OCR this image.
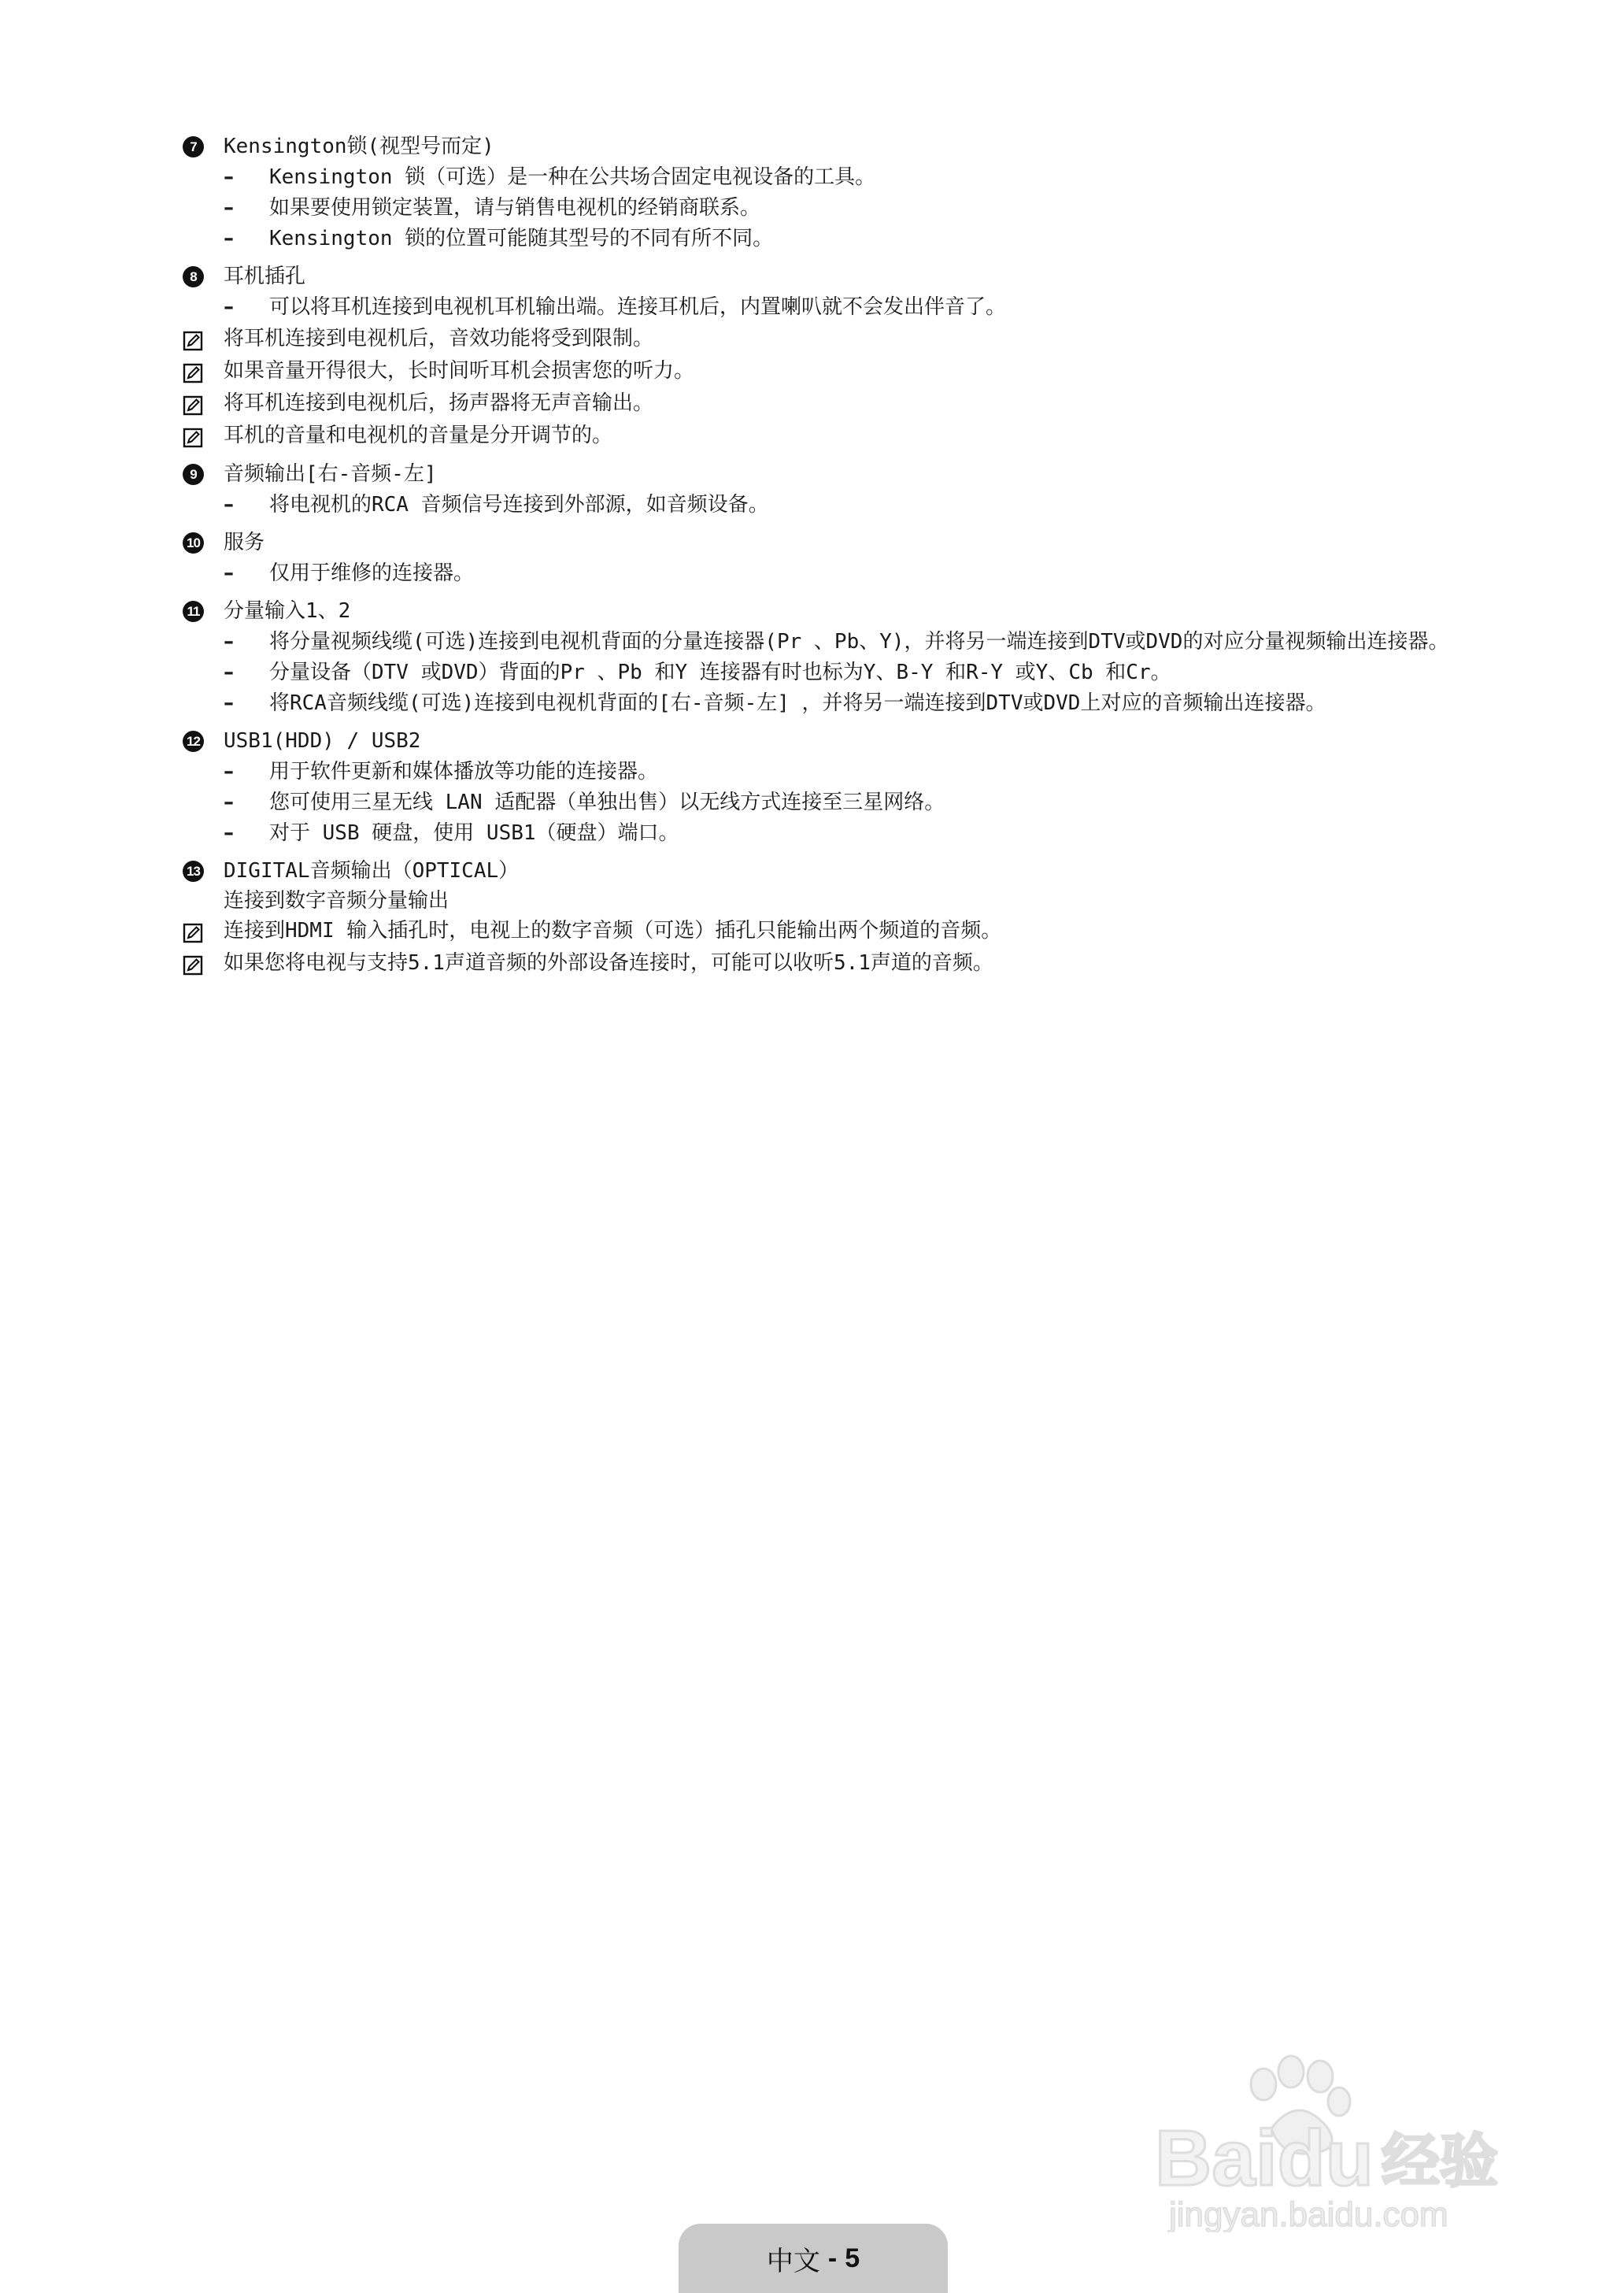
7	Kensington锁(视型号而定)
–	Kensington 锁（可选）是一种在公共场合固定电视设备的工具。
–	如果要使用锁定装置，请与销售电视机的经销商联系。
–	Kensington 锁的位置可能随其型号的不同有所不同。
8	耳机插孔
–	可以将耳机连接到电视机耳机输出端。连接耳机后，内置喇叭就不会发出伴音了。
将耳机连接到电视机后，音效功能将受到限制。
如果音量开得很大，长时间听耳机会损害您的听力。
将耳机连接到电视机后，扬声器将无声音输出。
耳机的音量和电视机的音量是分开调节的。
9	音频输出[右-音频-左]
–	将电视机的RCA 音频信号连接到外部源，如音频设备。
10 服务
–	仅用于维修的连接器。
11 分量输入1、2
–	将分量视频线缆(可选)连接到电视机背面的分量连接器(Pr 、Pb、Y)，并将另一端连接到DTV或DVD的对应分量视频输出连接器。
–	分量设备（DTV 或DVD）背面的Pr 、Pb 和Y 连接器有时也标为Y、B-Y 和R-Y 或Y、Cb 和Cr。
–	将RCA音频线缆(可选)连接到电视机背面的[右-音频-左] ，并将另一端连接到DTV或DVD上对应的音频输出连接器。
12 USB1(HDD) / USB2
–	用于软件更新和媒体播放等功能的连接器。
–	您可使用三星无线 LAN 适配器（单独出售）以无线方式连接至三星网络。
–	对于 USB 硬盘，使用 USB1（硬盘）端口。
13 DIGITAL音频输出（OPTICAL）
连接到数字音频分量输出
连接到HDMI 输入插孔时，电视上的数字音频（可选）插孔只能输出两个频道的音频。
如果您将电视与支持5.1声道音频的外部设备连接时，可能可以收听5.1声道的音频。
Baidu 经验
jingyan.baidu.com
中文 - 5
